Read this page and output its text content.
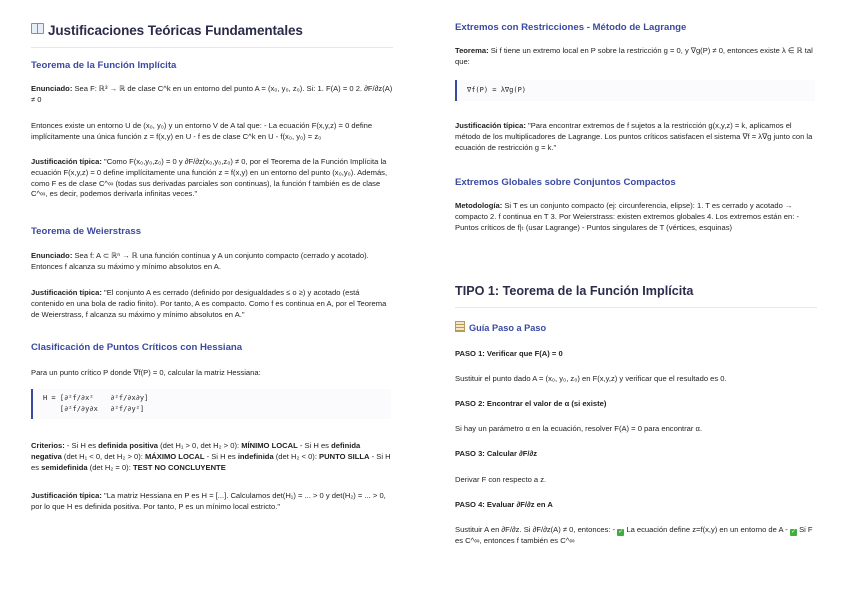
Justificaciones Teóricas Fundamentales
Teorema de la Función Implícita

Enunciado: Sea F: ℝ³ → ℝ de clase C^k en un entorno del punto A = (x₀, y₀, z₀). Si: 1. F(A) = 0 2. ∂F/∂z(A) ≠ 0

Entonces existe un entorno U de (x₀, y₀) y un entorno V de A tal que: - La ecuación F(x,y,z) = 0 define implícitamente una única función z = f(x,y) en U - f es de clase C^k en U - f(x₀, y₀) = z₀

Justificación típica: "Como F(x₀,y₀,z₀) = 0 y ∂F/∂z(x₀,y₀,z₀) ≠ 0, por el Teorema de la Función Implícita la ecuación F(x,y,z) = 0 define implícitamente una función z = f(x,y) en un entorno del punto (x₀,y₀). Además, como F es de clase C^∞ (todas sus derivadas parciales son continuas), la función f también es de clase C^∞, es decir, podemos derivarla infinitas veces."

Teorema de Weierstrass

Enunciado: Sea f: A ⊂ ℝⁿ → ℝ una función continua y A un conjunto compacto (cerrado y acotado). Entonces f alcanza su máximo y mínimo absolutos en A.

Justificación típica: "El conjunto A es cerrado (definido por desigualdades ≤ o ≥) y acotado (está contenido en una bola de radio finito). Por tanto, A es compacto. Como f es continua en A, por el Teorema de Weierstrass, f alcanza su máximo y mínimo absolutos en A."

Clasificación de Puntos Críticos con Hessiana

Para un punto crítico P donde ∇f(P) = 0, calcular la matriz Hessiana:

H = [∂²f/∂x²    ∂²f/∂x∂y]
[∂²f/∂y∂x   ∂²f/∂y²]

Criterios: - Si H es definida positiva (det H₁ > 0, det H₂ > 0): MÍNIMO LOCAL - Si H es definida negativa (det H₁ < 0, det H₂ > 0): MÁXIMO LOCAL - Si H es indefinida (det H₂ < 0): PUNTO SILLA - Si H es semidefinida (det H₂ = 0): TEST NO CONCLUYENTE

Justificación típica: "La matriz Hessiana en P es H = [...]. Calculamos det(H₁) = ... > 0 y det(H₂) = ... > 0, por lo que H es definida positiva. Por tanto, P es un mínimo local estricto."

Extremos con Restricciones - Método de Lagrange

Teorema: Si f tiene un extremo local en P sobre la restricción g = 0, y ∇g(P) ≠ 0, entonces existe λ ∈ ℝ tal que:

∇f(P) = λ∇g(P)

Justificación típica: "Para encontrar extremos de f sujetos a la restricción g(x,y,z) = k, aplicamos el método de los multiplicadores de Lagrange. Los puntos críticos satisfacen el sistema ∇f = λ∇g junto con la ecuación de restricción g = k."

Extremos Globales sobre Conjuntos Compactos

Metodología: Si T es un conjunto compacto (ej: circunferencia, elipse): 1. T es cerrado y acotado → compacto 2. f continua en T 3. Por Weierstrass: existen extremos globales 4. Los extremos están en: - Puntos críticos de f|ₜ (usar Lagrange) - Puntos singulares de T (vértices, esquinas)

TIPO 1: Teorema de la Función Implícita
Guía Paso a Paso
PASO 1: Verificar que F(A) = 0

Sustituir el punto dado A = (x₀, y₀, z₀) en F(x,y,z) y verificar que el resultado es 0.

PASO 2: Encontrar el valor de α (si existe)

Si hay un parámetro α en la ecuación, resolver F(A) = 0 para encontrar α.

PASO 3: Calcular ∂F/∂z

Derivar F con respecto a z.

PASO 4: Evaluar ∂F/∂z en A

Sustituir A en ∂F/∂z. Si ∂F/∂z(A) ≠ 0, entonces: - ✓ La ecuación define z=f(x,y) en un entorno de A - ✓ Si F es C^∞, entonces f también es C^∞
